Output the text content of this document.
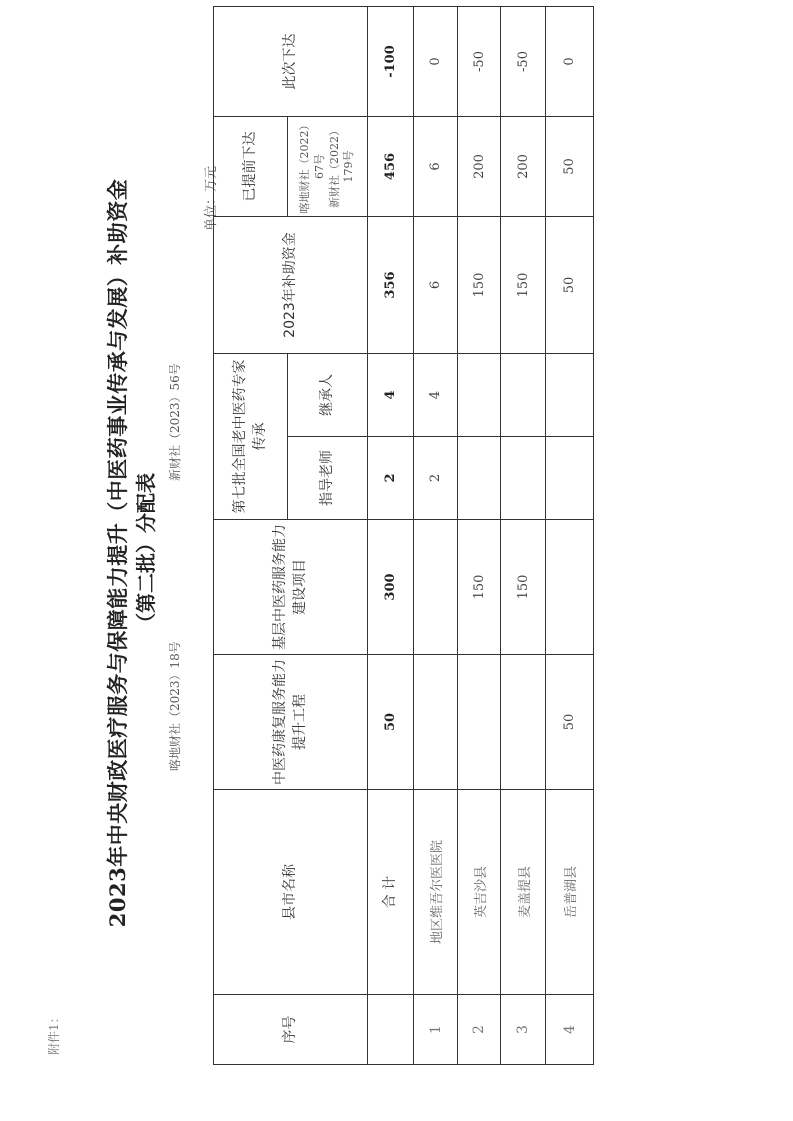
附件1：
2023年中央财政医疗服务与保障能力提升（中医药事业传承与发展）补助资金 （第二批）分配表
喀地财社（2023）18号
新财社（2023）56号
单位：万元
序号	县市名称	中医药康复服务能力提升工程	基层中医药服务能力建设项目	第七批全国老中医药专家传承		2023年补助资金	已提前下达	此次下达
				指导老师	继承人		喀地财社（2022）67号 新财社（2022）179号	

	合 计	50	300	2	4	356	456	-100
1	地区维吾尔医医院			2	4	6	6	0
2	英吉沙县		150			150	200	-50
3	麦盖提县		150			150	200	-50
4	岳普湖县	50				50	50	0
